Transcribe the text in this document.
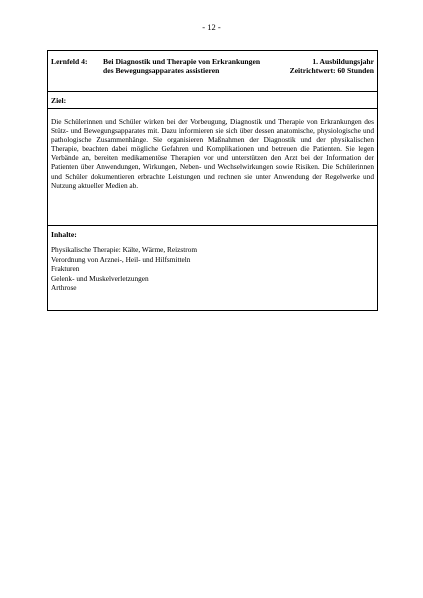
- 12 -
Lernfeld 4: Bei Diagnostik und Therapie von Erkrankungen des Bewegungsapparates assistieren
1. Ausbildungsjahr
Zeitrichtwert: 60 Stunden
Ziel:
Die Schülerinnen und Schüler wirken bei der Vorbeugung, Diagnostik und Therapie von Erkrankungen des Stütz- und Bewegungsapparates mit. Dazu informieren sie sich über dessen anatomische, physiologische und pathologische Zusammenhänge. Sie organisieren Maßnahmen der Diagnostik und der physikalischen Therapie, beachten dabei mögliche Gefahren und Komplikationen und betreuen die Patienten. Sie legen Verbände an, bereiten medikamentöse Therapien vor und unterstützen den Arzt bei der Information der Patienten über Anwendungen, Wirkungen, Neben- und Wechselwirkungen sowie Risiken. Die Schülerinnen und Schüler dokumentieren erbrachte Leistungen und rechnen sie unter Anwendung der Regelwerke und Nutzung aktueller Medien ab.
Inhalte:
Physikalische Therapie: Kälte, Wärme, Reizstrom
Verordnung von Arznei-, Heil- und Hilfsmitteln
Frakturen
Gelenk- und Muskelverletzungen
Arthrose
